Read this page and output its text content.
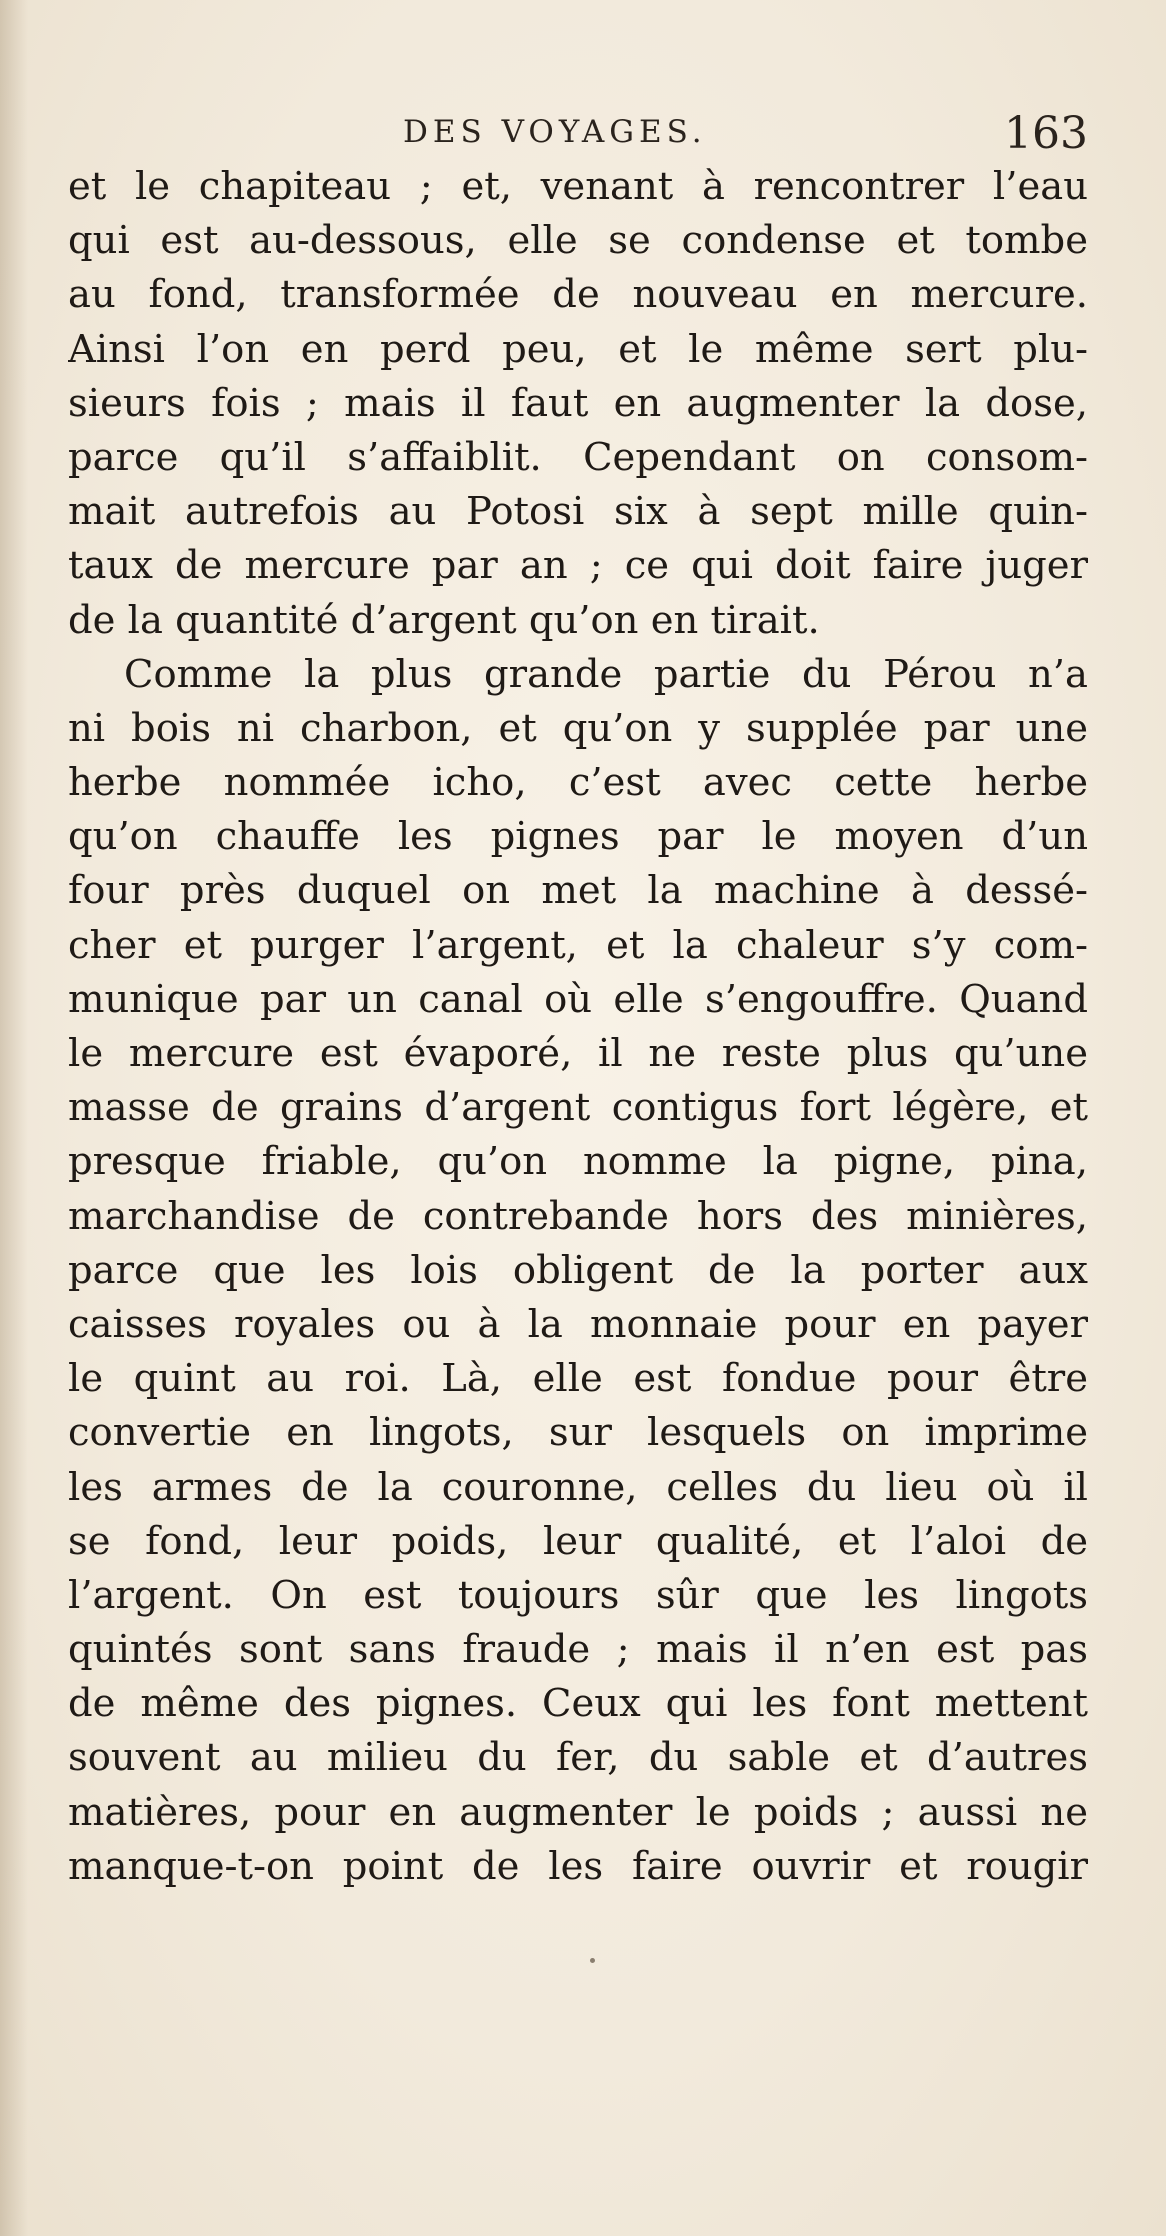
DES VOYAGES.	163
et le chapiteau ; et, venant à rencontrer l’eau
qui est au-dessous, elle se condense et tombe
au fond, transformée de nouveau en mercure.
Ainsi l’on en perd peu, et le même sert plu-
sieurs fois ; mais il faut en augmenter la dose,
parce qu’il s’affaiblit. Cependant on consom-
mait autrefois au Potosi six à sept mille quin-
taux de mercure par an ; ce qui doit faire juger
de la quantité d’argent qu’on en tirait.
Comme la plus grande partie du Pérou n’a
ni bois ni charbon, et qu’on y supplée par une
herbe nommée icho, c’est avec cette herbe
qu’on chauffe les pignes par le moyen d’un
four près duquel on met la machine à dessé-
cher et purger l’argent, et la chaleur s’y com-
munique par un canal où elle s’engouffre. Quand
le mercure est évaporé, il ne reste plus qu’une
masse de grains d’argent contigus fort légère, et
presque friable, qu’on nomme la pigne, pina,
marchandise de contrebande hors des minières,
parce que les lois obligent de la porter aux
caisses royales ou à la monnaie pour en payer
le quint au roi. Là, elle est fondue pour être
convertie en lingots, sur lesquels on imprime
les armes de la couronne, celles du lieu où il
se fond, leur poids, leur qualité, et l’aloi de
l’argent. On est toujours sûr que les lingots
quintés sont sans fraude ; mais il n’en est pas
de même des pignes. Ceux qui les font mettent
souvent au milieu du fer, du sable et d’autres
matières, pour en augmenter le poids ; aussi ne
manque-t-on point de les faire ouvrir et rougir
